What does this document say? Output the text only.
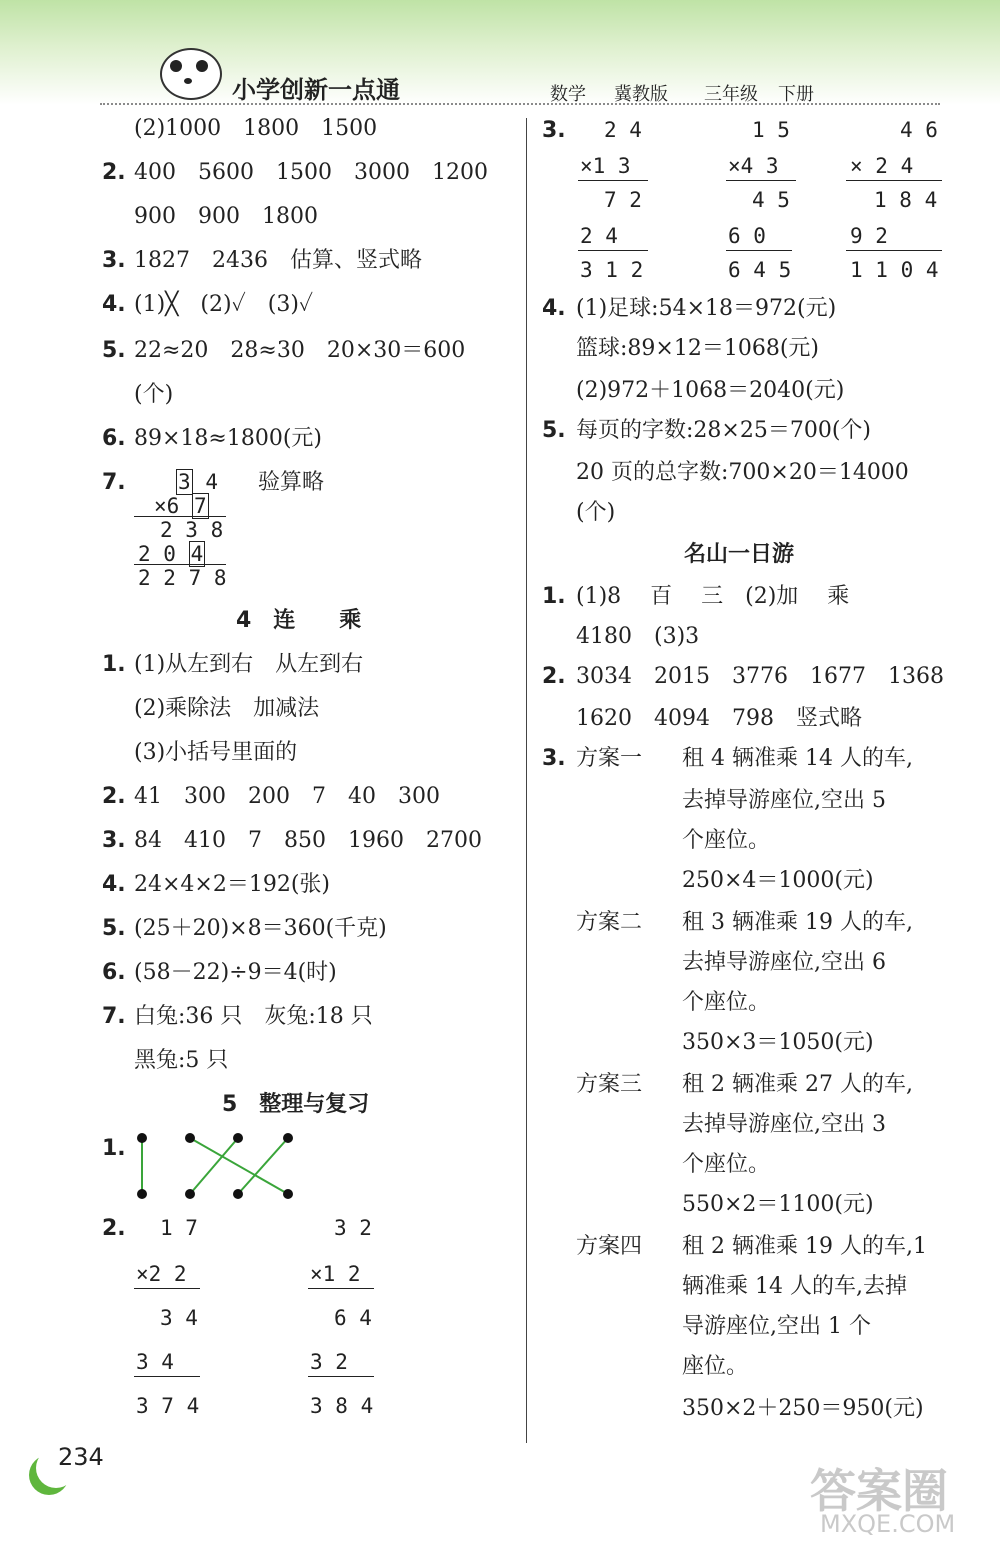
小学创新一点通	数学 冀教版 三年级 下册
(2)1000　1800　1500
2. 400　5600　1500　3000　1200
900　900　1800
3. 1827　2436　估算、竖式略
4. (1)╳　(2)✓　(3)✓
5. 22≈20　28≈30　20×30＝600
(个)
6. 89×18≈1800(元)
7. 3 4
×6 7
2 3 8
2 0 4
2 2 7 8
验算略
4　连　　乘
1. (1)从左到右　从左到右
(2)乘除法　加减法
(3)小括号里面的
2. 41　300　200　7　40　300
3. 84　410　7　850　1960　2700
4. 24×4×2＝192(张)
5. (25＋20)×8＝360(千克)
6. (58－22)÷9＝4(时)
7. 白兔:36 只　灰兔:18 只
黑兔:5 只
5　整理与复习
1.
2. 1 7
×2 2
3 4
3 4
3 7 4
3 2
×1 2
6 4
3 2
3 8 4
3. 2 4
×1 3
7 2
2 4
3 1 2
1 5
×4 3
4 5
6 0
6 4 5
4 6
× 2 4
1 8 4
9 2
1 1 0 4
4. (1)足球:54×18＝972(元)
篮球:89×12＝1068(元)
(2)972＋1068＝2040(元)
5. 每页的字数:28×25＝700(个)
20 页的总字数:700×20＝14000
(个)
名山一日游
1. (1)8　 百　 三　(2)加　 乘
4180　(3)3
2. 3034　2015　3776　1677　1368
1620　4094　798　竖式略
3. 方案一 租 4 辆准乘 14 人的车,
去掉导游座位,空出 5
个座位。
250×4＝1000(元)
方案二 租 3 辆准乘 19 人的车,
去掉导游座位,空出 6
个座位。
350×3＝1050(元)
方案三 租 2 辆准乘 27 人的车,
去掉导游座位,空出 3
个座位。
550×2＝1100(元)
方案四 租 2 辆准乘 19 人的车,1
辆准乘 14 人的车,去掉
导游座位,空出 1 个
座位。
350×2＋250＝950(元)
234
答案圈
MXQE.COM
